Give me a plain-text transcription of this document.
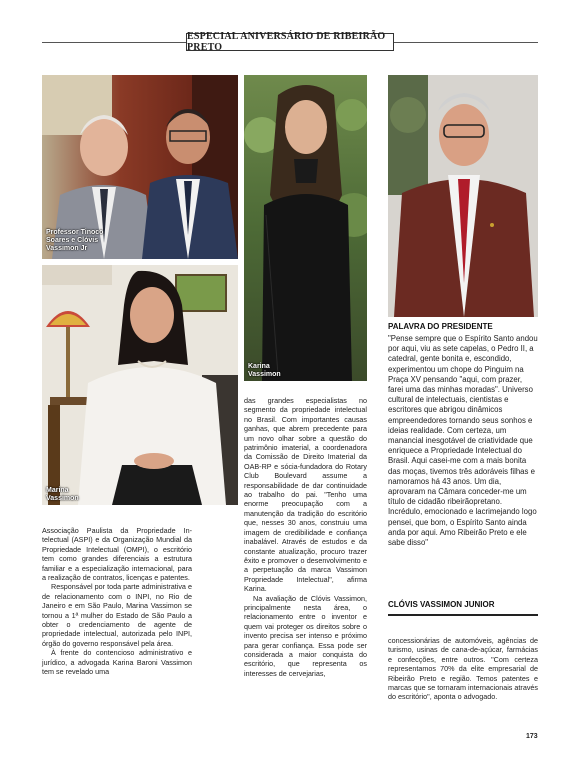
ESPECIAL ANIVERSÁRIO DE RIBEIRÃO PRETO
Professor Tinoco
Soares e Clóvis
Vassimon Jr
Marina
Vassimon
Karina
Vassimon

Associação Paulista da Propriedade In-telectual (ASPI) e da Organização Mundial da Propriedade Intelectual (OMPI), o escritório tem como grandes diferenciais a estrutura familiar e a especialização internacional, para a realização de contratos, licenças e patentes.

Responsável por toda parte administrativa e de relacionamento com o INPI, no Rio de Janeiro e em São Paulo, Marina Vassimon se tornou a 1ª mulher do Estado de São Paulo a obter o credenciamento de agente de propriedade intelectual, autorizada pelo INPI, órgão do governo responsável pela área.

À frente do contencioso administrativo e jurídico, a advogada Karina Baroni Vassimon tem se revelado uma

das grandes especialistas no segmento da propriedade intelectual no Brasil. Com importantes causas ganhas, que abrem precedente para um novo olhar sobre a questão do patrimônio imaterial, a coordenadora da Comissão de Direito Imaterial da OAB-RP e sócia-fundadora do Rotary Club Boulevard assume a responsabilidade de dar continuidade ao trabalho do pai. "Tenho uma enorme preocupação com a manutenção da tradição do escritório que, nesses 30 anos, construiu uma imagem de credibilidade e confiança inabalável. Através de estudos e da constante atualização, procuro trazer êxito e promover o desenvolvimento e a perpetuação da marca Vassimon Propriedade Intelectual", afirma Karina.

Na avaliação de Clóvis Vassimon, principalmente nesta área, o relacionamento entre o inventor e quem vai proteger os direitos sobre o invento precisa ser intenso e próximo para gerar confiança. Essa pode ser considerada a maior conquista do escritório, que representa os interesses de cervejarias,

PALAVRA DO PRESIDENTE
"Pense sempre que o Espírito Santo andou por aqui, viu as sete capelas, o Pedro II, a catedral, gente bonita e, escondido, experimentou um chope do Pinguim na Praça XV pensando "aqui, com prazer, farei uma das minhas moradas". Universo cultural de intelectuais, cientistas e escritores que abrigou dinâmicos empreendedores tornando seus sonhos e ideias realidade. Com certeza, um manancial inesgotável de criatividade que enriquece a Propriedade Intelectual do Brasil. Aqui casei-me com a mais bonita das moças, tivemos três adoráveis filhas e namoramos há 43 anos. Um dia, aprovaram na Câmara conceder-me um título de cidadão ribeirãopretano. Incrédulo, emocionado e lacrimejando logo pensei, que bom, o Espírito Santo ainda anda por aqui. Amo Ribeirão Preto e ele sabe disso"
CLÓVIS VASSIMON JUNIOR

concessionárias de automóveis, agências de turismo, usinas de cana-de-açúcar, farmácias e confecções, entre outros. "Com certeza representamos 70% da elite empresarial de Ribeirão Preto e região. Temos patentes e marcas que se tornaram internacionais através do escritório", aponta o advogado.

173
